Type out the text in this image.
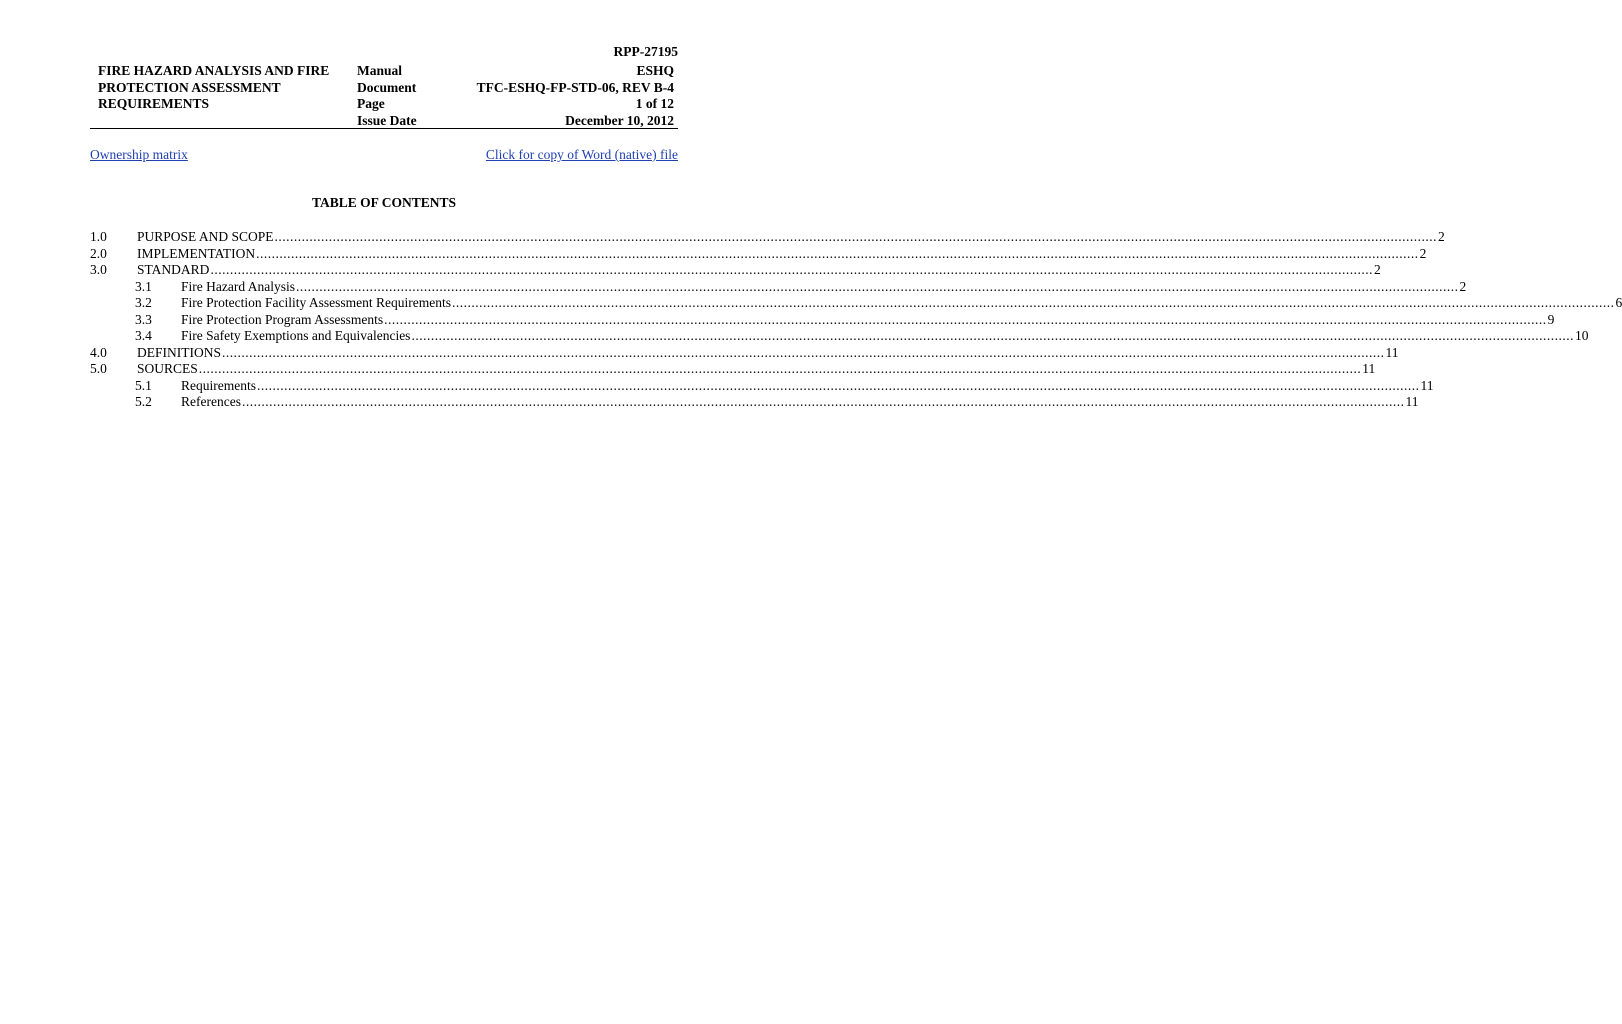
RPP-27195
FIRE HAZARD ANALYSIS AND FIRE
PROTECTION ASSESSMENT
REQUIREMENTS
Manual
Document
Page
Issue Date
ESHQ
TFC-ESHQ-FP-STD-06, REV B-4
1 of 12
December 10, 2012
Ownership matrix	Click for copy of Word (native) file
TABLE OF CONTENTS
1.0 PURPOSE AND SCOPE ............................................................................................................................................................................................................................................................................................................ 2
2.0 IMPLEMENTATION ............................................................................................................................................................................................................................................................................................................ 2
3.0 STANDARD ............................................................................................................................................................................................................................................................................................................ 2
3.1 Fire Hazard Analysis ............................................................................................................................................................................................................................................................................................................ 2
3.2 Fire Protection Facility Assessment Requirements ............................................................................................................................................................................................................................................................................................................ 6
3.3 Fire Protection Program Assessments ............................................................................................................................................................................................................................................................................................................ 9
3.4 Fire Safety Exemptions and Equivalencies ............................................................................................................................................................................................................................................................................................................ 10
4.0 DEFINITIONS ............................................................................................................................................................................................................................................................................................................ 11
5.0 SOURCES ............................................................................................................................................................................................................................................................................................................ 11
5.1 Requirements ............................................................................................................................................................................................................................................................................................................ 11
5.2 References ............................................................................................................................................................................................................................................................................................................ 11
